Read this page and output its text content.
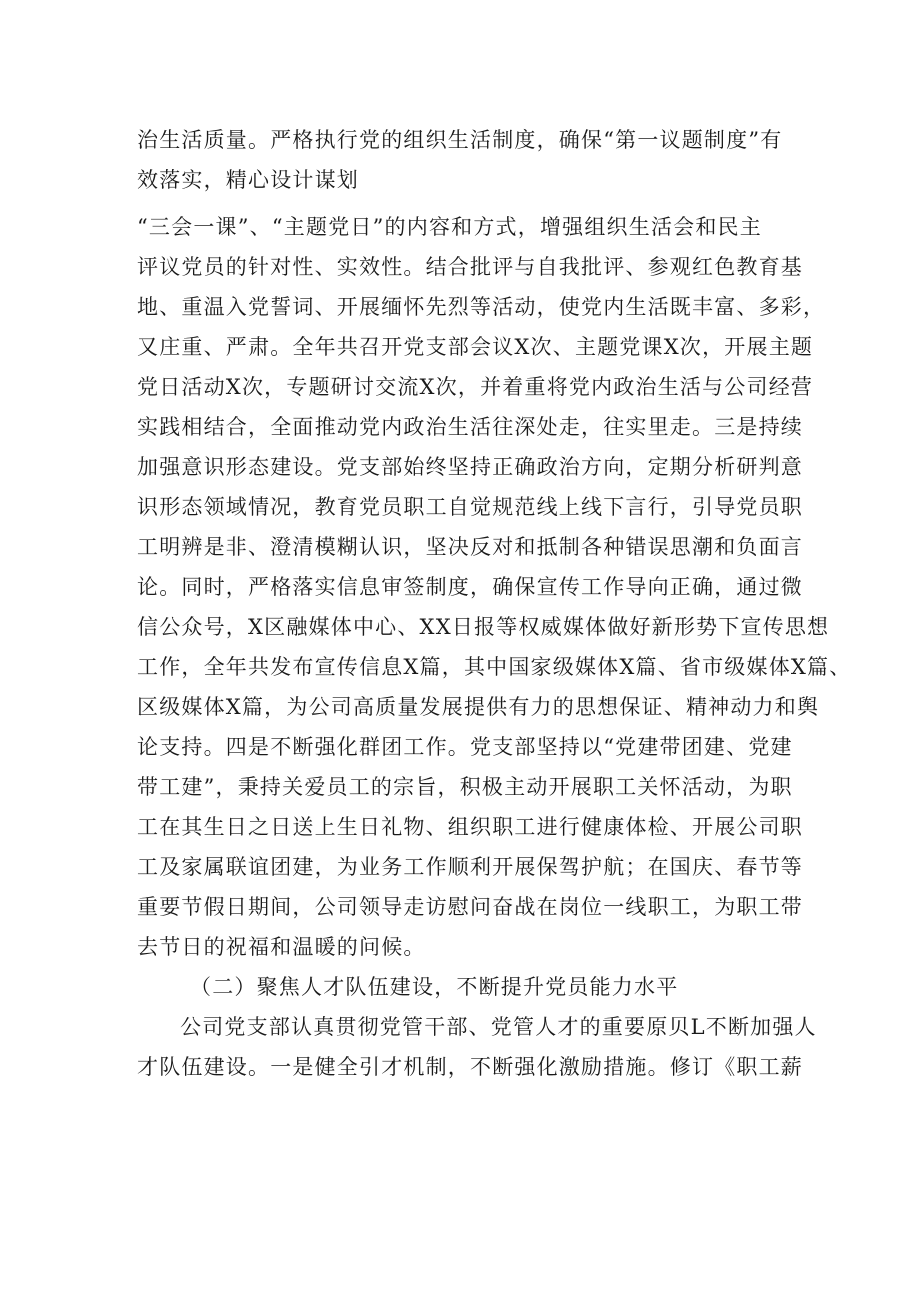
治生活质量。严格执行党的组织生活制度，确保“第一议题制度”有
效落实，精心设计谋划
“三会一课”、“主题党日”的内容和方式，增强组织生活会和民主
评议党员的针对性、实效性。结合批评与自我批评、参观红色教育基
地、重温入党誓词、开展缅怀先烈等活动，使党内生活既丰富、多彩，
又庄重、严肃。全年共召开党支部会议X次、主题党课X次，开展主题
党日活动X次，专题研讨交流X次，并着重将党内政治生活与公司经营
实践相结合，全面推动党内政治生活往深处走，往实里走。三是持续
加强意识形态建设。党支部始终坚持正确政治方向，定期分析研判意
识形态领域情况，教育党员职工自觉规范线上线下言行，引导党员职
工明辨是非、澄清模糊认识，坚决反对和抵制各种错误思潮和负面言
论。同时，严格落实信息审签制度，确保宣传工作导向正确，通过微
信公众号，X区融媒体中心、XX日报等权威媒体做好新形势下宣传思想
工作，全年共发布宣传信息X篇，其中国家级媒体X篇、省市级媒体X篇、
区级媒体X篇，为公司高质量发展提供有力的思想保证、精神动力和舆
论支持。四是不断强化群团工作。党支部坚持以“党建带团建、党建
带工建”，秉持关爱员工的宗旨，积极主动开展职工关怀活动，为职
工在其生日之日送上生日礼物、组织职工进行健康体检、开展公司职
工及家属联谊团建，为业务工作顺利开展保驾护航；在国庆、春节等
重要节假日期间，公司领导走访慰问奋战在岗位一线职工，为职工带
去节日的祝福和温暖的问候。
（二）聚焦人才队伍建设，不断提升党员能力水平
公司党支部认真贯彻党管干部、党管人才的重要原贝L不断加强人
才队伍建设。一是健全引才机制，不断强化激励措施。修订《职工薪
